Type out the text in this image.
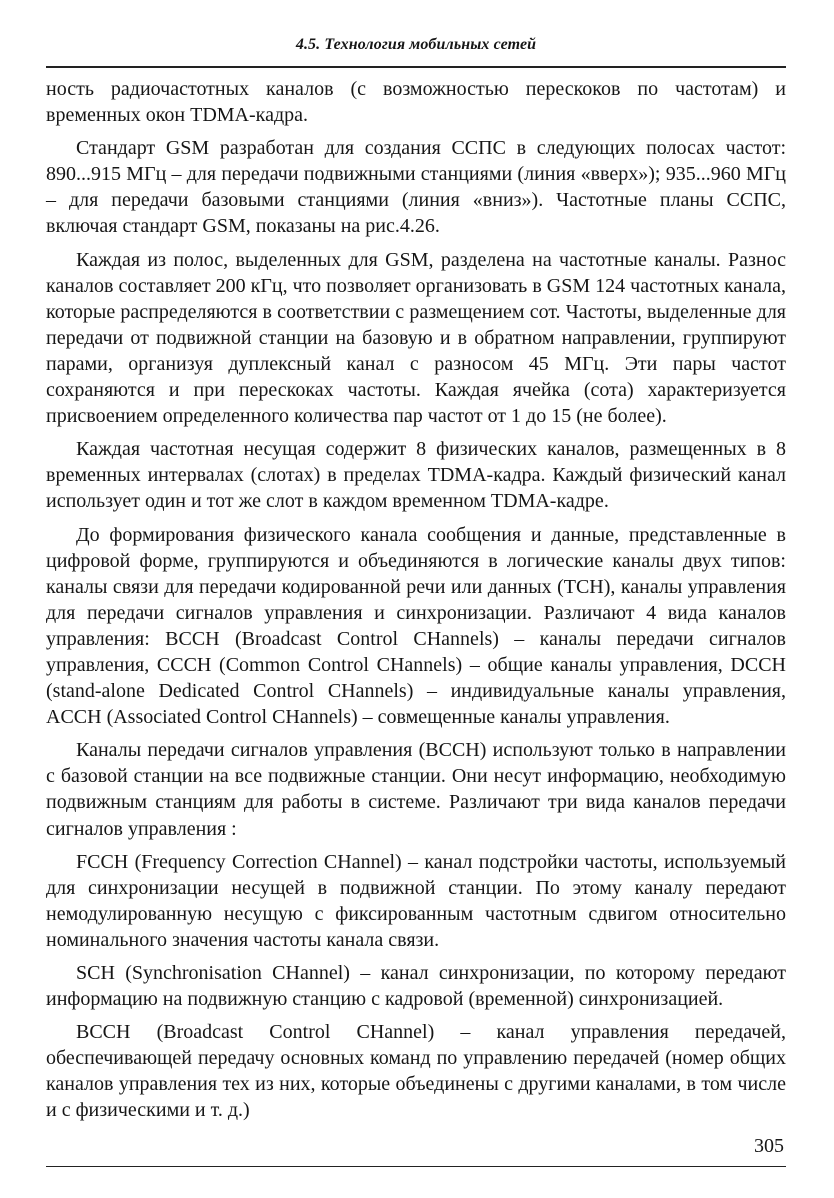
4.5. Технология мобильных сетей

ность радиочастотных каналов (с возможностью перескоков по частотам) и временных окон TDMA-кадра.

Стандарт GSM разработан для создания ССПС в следующих полосах частот: 890...915 МГц – для передачи подвижными станциями (линия «вверх»); 935...960 МГц – для передачи базовыми станциями (линия «вниз»). Частотные планы ССПС, включая стандарт GSM, показаны на рис.4.26.

Каждая из полос, выделенных для GSM, разделена на частотные каналы. Разнос каналов составляет 200 кГц, что позволяет организовать в GSM 124 частотных канала, которые распределяются в соответствии с размещением сот. Частоты, выделенные для передачи от подвижной станции на базовую и в обратном направлении, группируют парами, организуя дуплексный канал с разносом 45 МГц. Эти пары частот сохраняются и при перескоках частоты. Каждая ячейка (сота) характеризуется присвоением определенного количества пар частот от 1 до 15 (не более).

Каждая частотная несущая содержит 8 физических каналов, размещенных в 8 временных интервалах (слотах) в пределах TDMA-кадра. Каждый физический канал использует один и тот же слот в каждом временном TDMA-кадре.

До формирования физического канала сообщения и данные, представленные в цифровой форме, группируются и объединяются в логические каналы двух типов: каналы связи для передачи кодированной речи или данных (TCH), каналы управления для передачи сигналов управления и синхронизации. Различают 4 вида каналов управления: BCCH (Broadcast Control CHannels) – каналы передачи сигналов управления, CCCH (Common Control CHannels) – общие каналы управления, DCCH (stand-alone Dedicated Control CHannels) – индивидуальные каналы управления, ACCH (Associated Control CHannels) – совмещенные каналы управления.

Каналы передачи сигналов управления (BCCH) используют только в направлении с базовой станции на все подвижные станции. Они несут информацию, необходимую подвижным станциям для работы в системе. Различают три вида каналов передачи сигналов управления :

FCCH (Frequency Correction CHannel) – канал подстройки частоты, используемый для синхронизации несущей в подвижной станции. По этому каналу передают немодулированную несущую с фиксированным частотным сдвигом относительно номинального значения частоты канала связи.

SCH (Synchronisation CHannel) – канал синхронизации, по которому передают информацию на подвижную станцию с кадровой (временной) синхронизацией.

BCCH (Broadcast Control CHannel) – канал управления передачей, обеспечивающей передачу основных команд по управлению передачей (номер общих каналов управления тех из них, которые объединены с другими каналами, в том числе и с физическими и т. д.)

305
